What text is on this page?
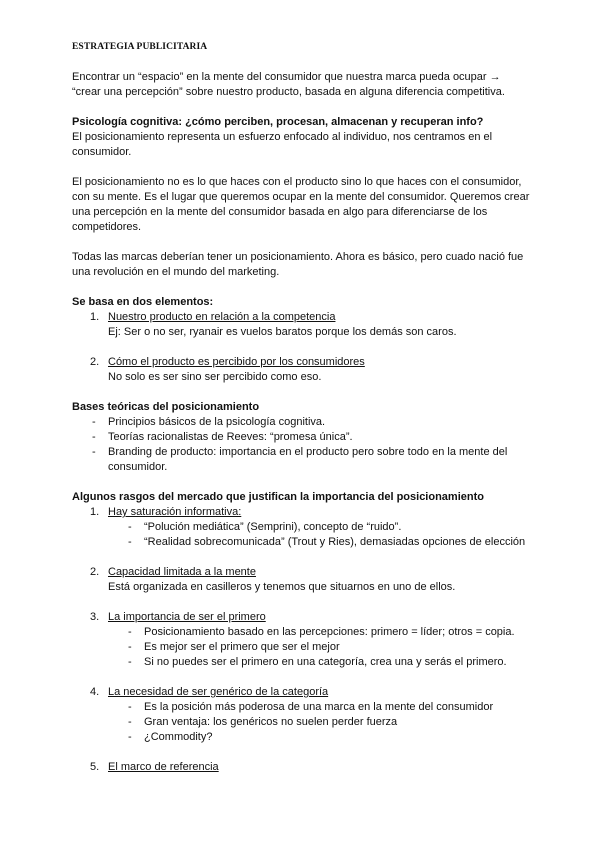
ESTRATEGIA PUBLICITARIA

Encontrar un “espacio” en la mente del consumidor que nuestra marca pueda ocupar → “crear una percepción” sobre nuestro producto, basada en alguna diferencia competitiva.

Psicología cognitiva: ¿cómo perciben, procesan, almacenan y recuperan info?

El posicionamiento representa un esfuerzo enfocado al individuo, nos centramos en el consumidor.

El posicionamiento no es lo que haces con el producto sino lo que haces con el consumidor, con su mente. Es el lugar que queremos ocupar en la mente del consumidor. Queremos crear una percepción en la mente del consumidor basada en algo para diferenciarse de los competidores.

Todas las marcas deberían tener un posicionamiento. Ahora es básico, pero cuado nació fue una revolución en el mundo del marketing.

Se basa en dos elementos:

1. Nuestro producto en relación a la competencia
Ej: Ser o no ser, ryanair es vuelos baratos porque los demás son caros.
2. Cómo el producto es percibido por los consumidores
No solo es ser sino ser percibido como eso.

Bases teóricas del posicionamiento

- Principios básicos de la psicología cognitiva.
- Teorías racionalistas de Reeves: “promesa única”.
- Branding de producto: importancia en el producto pero sobre todo en la mente del consumidor.

Algunos rasgos del mercado que justifican la importancia del posicionamiento

1. Hay saturación informativa:
- “Polución mediática” (Semprini), concepto de “ruido”.
- “Realidad sobrecomunicada” (Trout y Ries), demasiadas opciones de elección
2. Capacidad limitada a la mente
Está organizada en casilleros y tenemos que situarnos en uno de ellos.
3. La importancia de ser el primero
- Posicionamiento basado en las percepciones: primero = líder; otros = copia.
- Es mejor ser el primero que ser el mejor
- Si no puedes ser el primero en una categoría, crea una y serás el primero.
4. La necesidad de ser genérico de la categoría
- Es la posición más poderosa de una marca en la mente del consumidor
- Gran ventaja: los genéricos no suelen perder fuerza
- ¿Commodity?
5. El marco de referencia
